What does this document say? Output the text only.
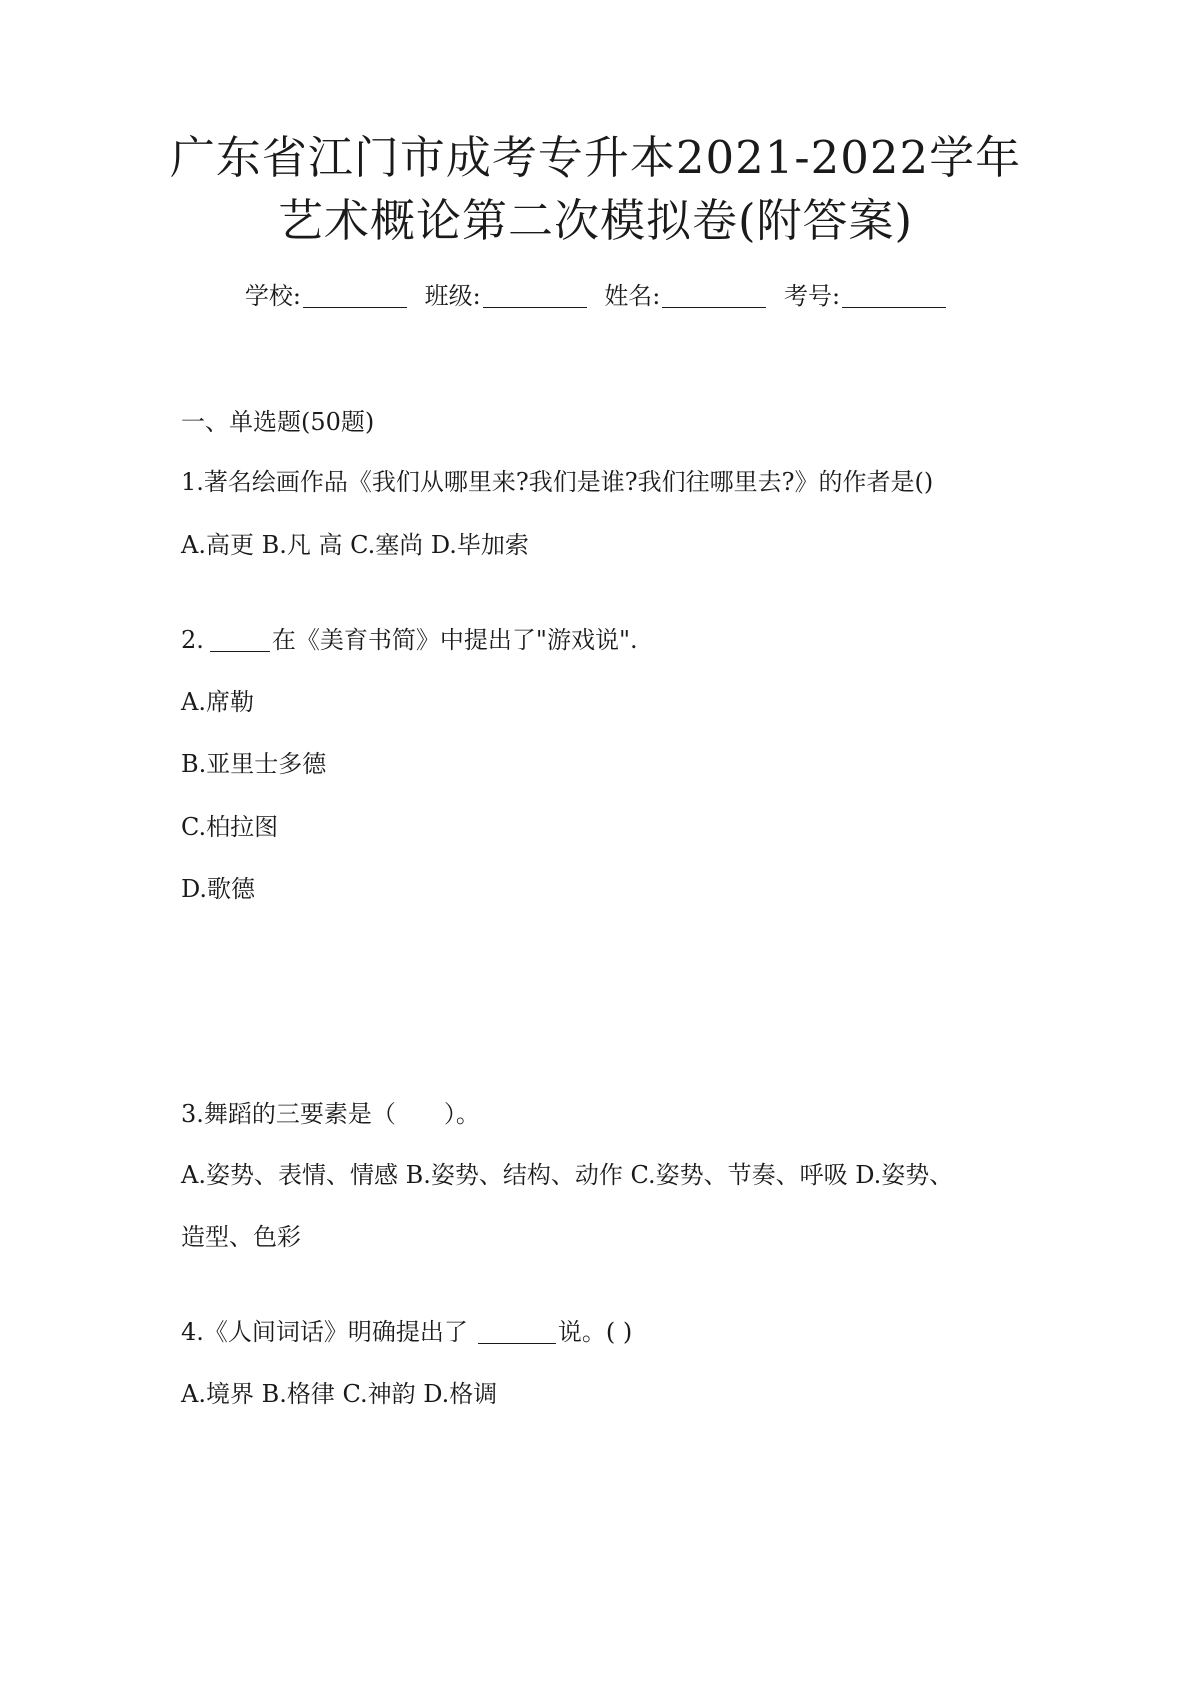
广东省江门市成考专升本2021-2022学年
艺术概论第二次模拟卷(附答案)
学校:	班级:	姓名:	考号:
一、单选题(50题)
1.著名绘画作品《我们从哪里来?我们是谁?我们往哪里去?》的作者是()
A.高更 B.凡 高 C.塞尚 D.毕加索
2.	在《美育书简》中提出了"游戏说".
A.席勒
B.亚里士多德
C.柏拉图
D.歌德
3.舞蹈的三要素是（　　）。
A.姿势、表情、情感 B.姿势、结构、动作 C.姿势、节奏、呼吸 D.姿势、
造型、色彩
4.《人间词话》明确提出了	说。( )
A.境界 B.格律 C.神韵 D.格调
